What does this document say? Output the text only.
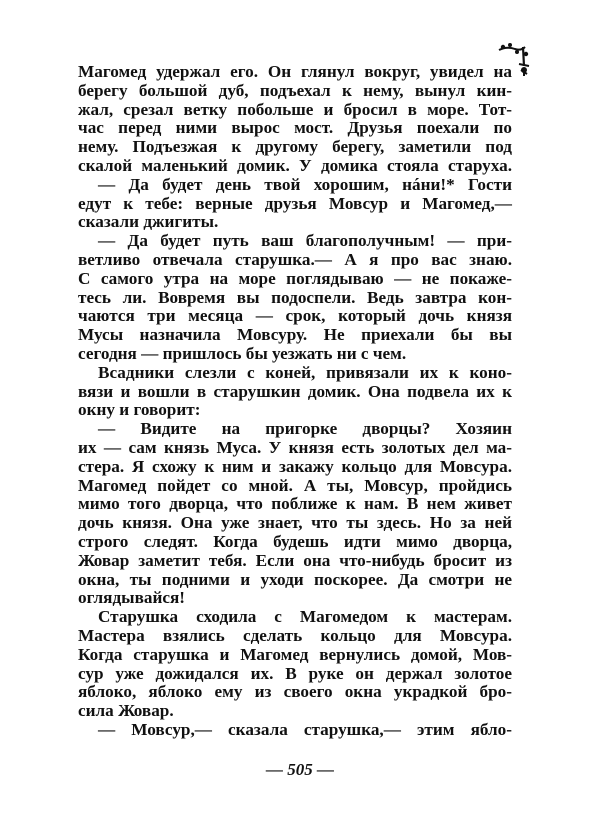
Магомед удержал его. Он глянул вокруг, увидел на
берегу большой дуб, подъехал к нему, вынул кин-
жал, срезал ветку побольше и бросил в море. Тот-
час перед ними вырос мост. Друзья поехали по
нему. Подъезжая к другому берегу, заметили под
скалой маленький домик. У домика стояла старуха.
— Да будет день твой хорошим, нáни!* Гости
едут к тебе: верные друзья Мовсур и Магомед,—
сказали джигиты.
— Да будет путь ваш благополучным! — при-
ветливо отвечала старушка.— А я про вас знаю.
С самого утра на море поглядываю — не покаже-
тесь ли. Вовремя вы подоспели. Ведь завтра кон-
чаются три месяца — срок, который дочь князя
Мусы назначила Мовсуру. Не приехали бы вы
сегодня — пришлось бы уезжать ни с чем.
Всадники слезли с коней, привязали их к коно-
вязи и вошли в старушкин домик. Она подвела их к
окну и говорит:
— Видите на пригорке дворцы? Хозяин
их — сам князь Муса. У князя есть золотых дел ма-
стера. Я схожу к ним и закажу кольцо для Мовсура.
Магомед пойдет со мной. А ты, Мовсур, пройдись
мимо того дворца, что поближе к нам. В нем живет
дочь князя. Она уже знает, что ты здесь. Но за ней
строго следят. Когда будешь идти мимо дворца,
Жовар заметит тебя. Если она что-нибудь бросит из
окна, ты подними и уходи поскорее. Да смотри не
оглядывайся!
Старушка сходила с Магомедом к мастерам.
Мастера взялись сделать кольцо для Мовсура.
Когда старушка и Магомед вернулись домой, Мов-
сур уже дожидался их. В руке он держал золотое
яблоко, яблоко ему из своего окна украдкой бро-
сила Жовар.
— Мовсур,— сказала старушка,— этим ябло-
— 505 —
